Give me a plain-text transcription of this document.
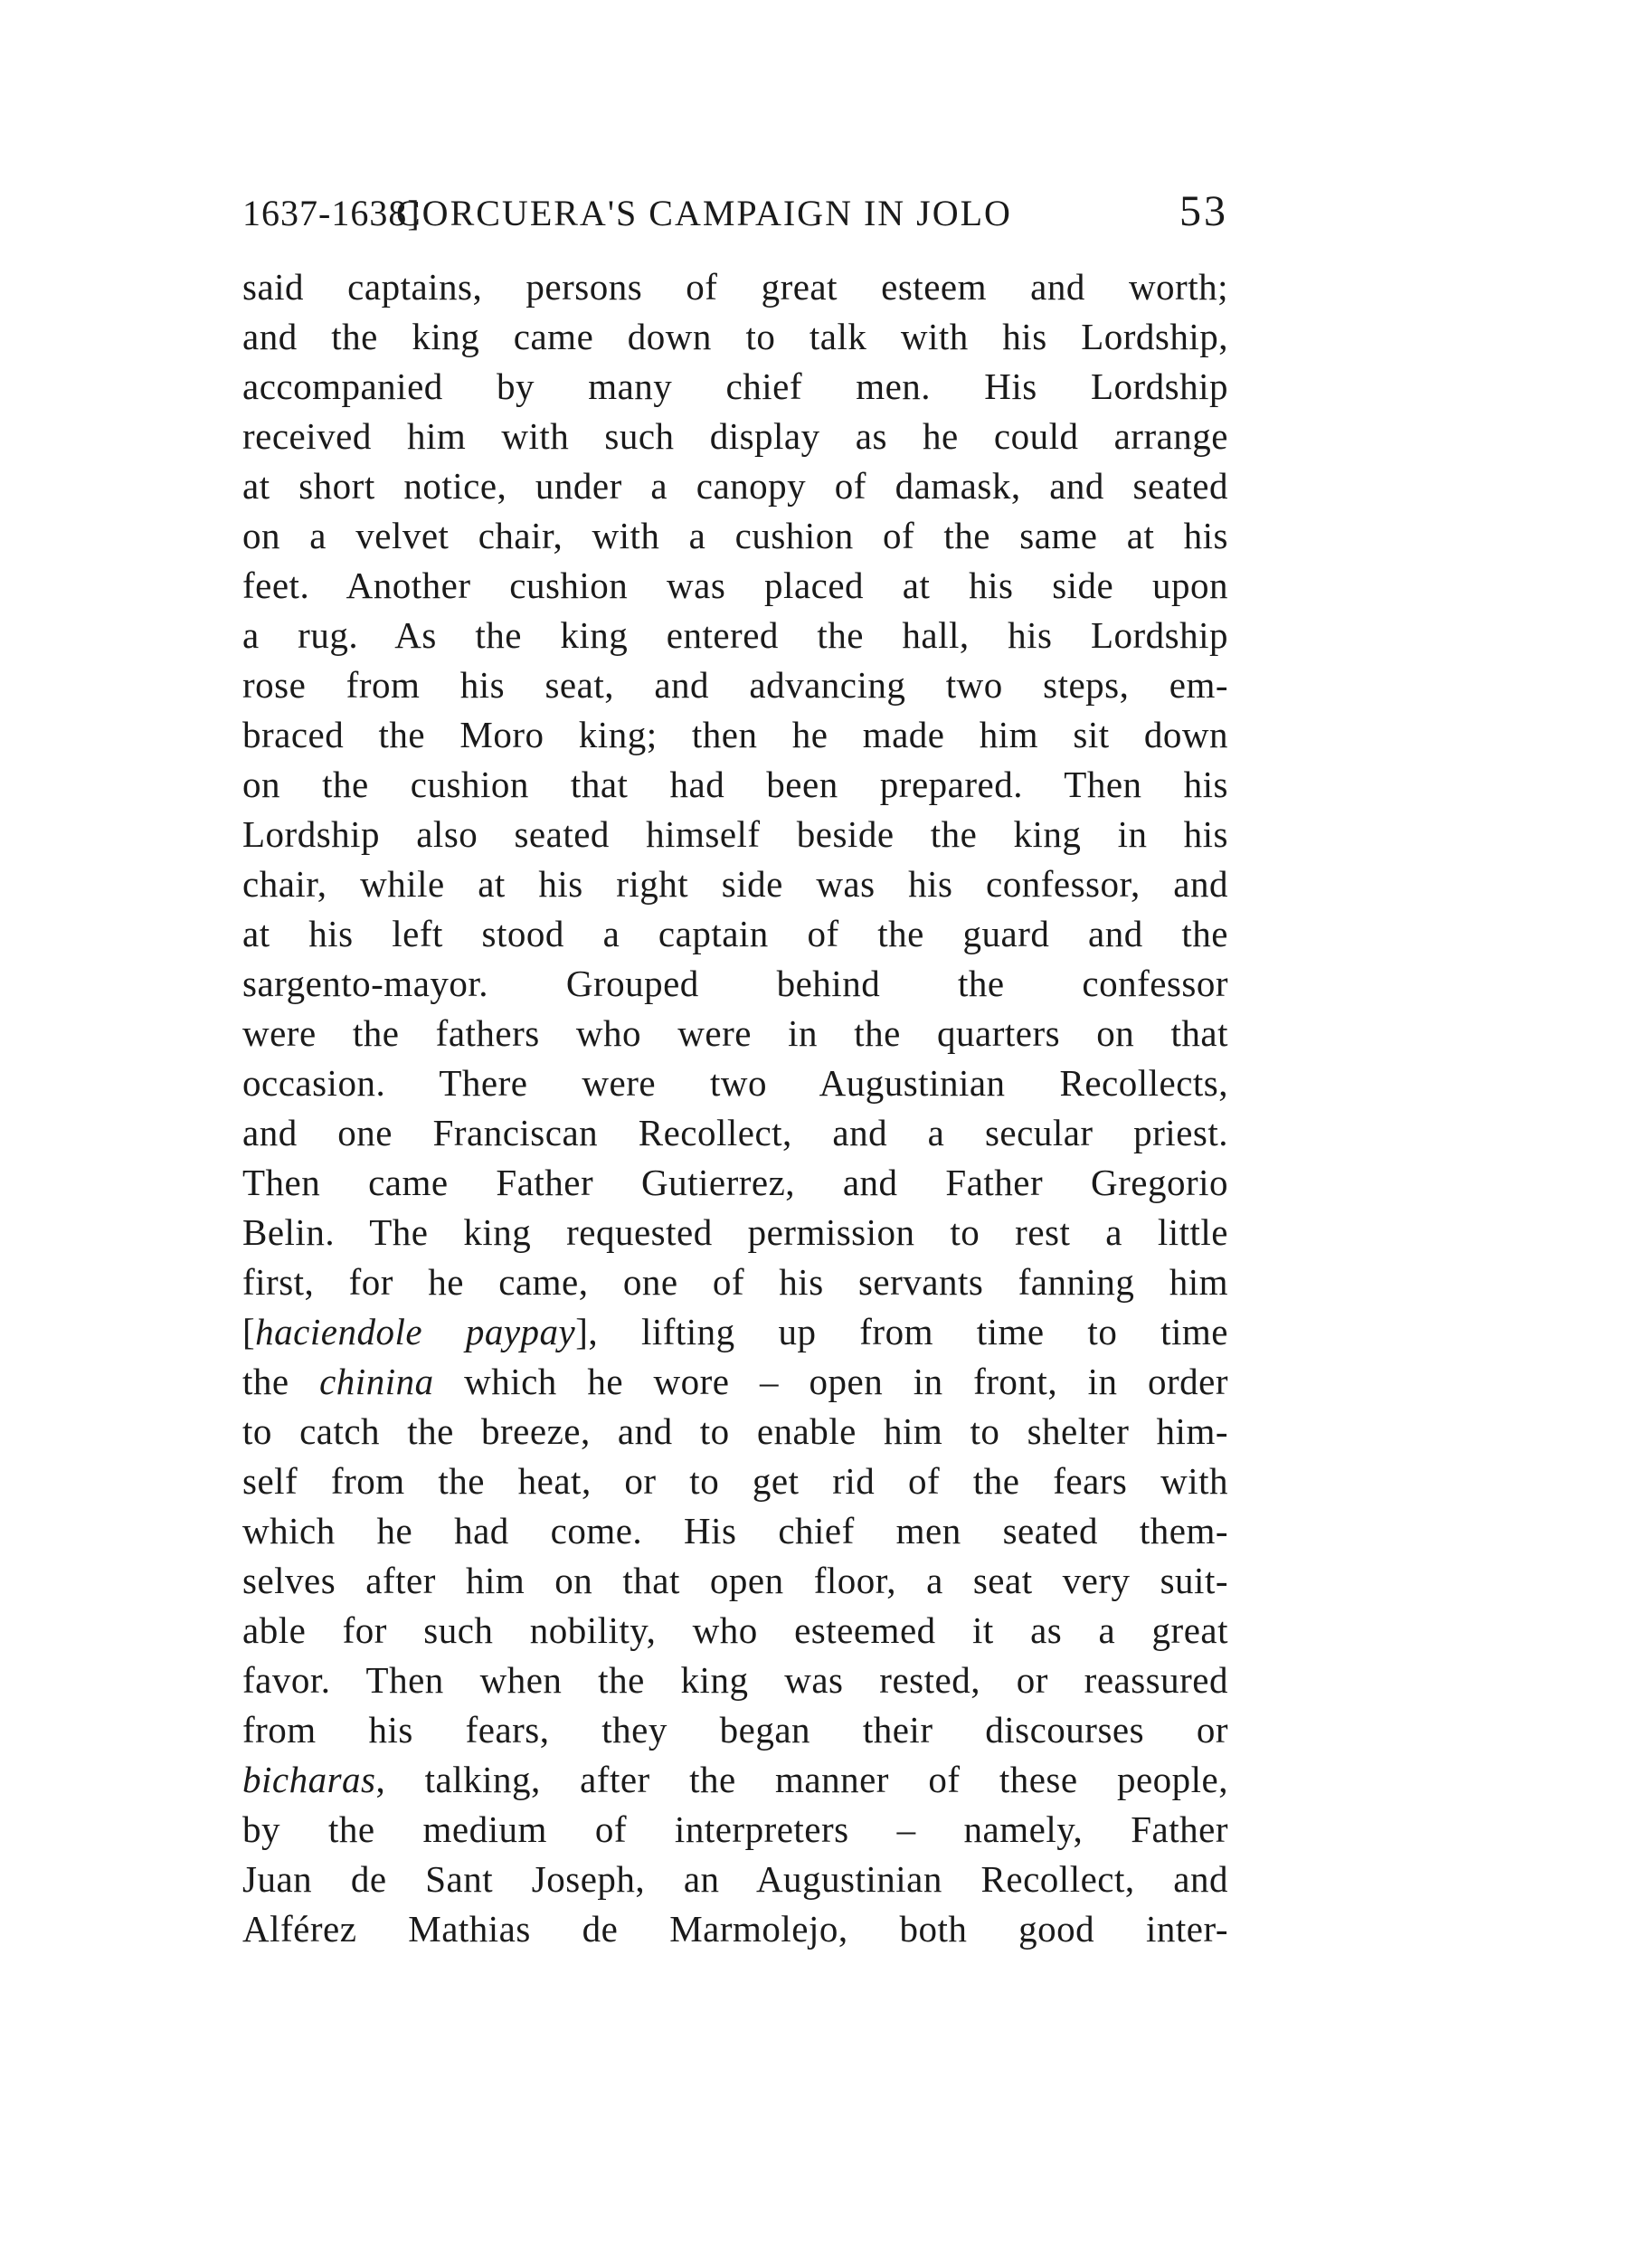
1637-1638]
CORCUERA'S CAMPAIGN IN JOLO	53
said captains, persons of great esteem and worth;
and the king came down to talk with his Lordship,
accompanied by many chief men. His Lordship
received him with such display as he could arrange
at short notice, under a canopy of damask, and seated
on a velvet chair, with a cushion of the same at his
feet. Another cushion was placed at his side upon
a rug. As the king entered the hall, his Lordship
rose from his seat, and advancing two steps, em-
braced the Moro king; then he made him sit down
on the cushion that had been prepared. Then his
Lordship also seated himself beside the king in his
chair, while at his right side was his confessor, and
at his left stood a captain of the guard and the
sargento-mayor. Grouped behind the confessor
were the fathers who were in the quarters on that
occasion. There were two Augustinian Recollects,
and one Franciscan Recollect, and a secular priest.
Then came Father Gutierrez, and Father Gregorio
Belin. The king requested permission to rest a little
first, for he came, one of his servants fanning him
[haciendole paypay], lifting up from time to time
the chinina which he wore – open in front, in order
to catch the breeze, and to enable him to shelter him-
self from the heat, or to get rid of the fears with
which he had come. His chief men seated them-
selves after him on that open floor, a seat very suit-
able for such nobility, who esteemed it as a great
favor. Then when the king was rested, or reassured
from his fears, they began their discourses or
bicharas, talking, after the manner of these people,
by the medium of interpreters – namely, Father
Juan de Sant Joseph, an Augustinian Recollect, and
Alférez Mathias de Marmolejo, both good inter-
